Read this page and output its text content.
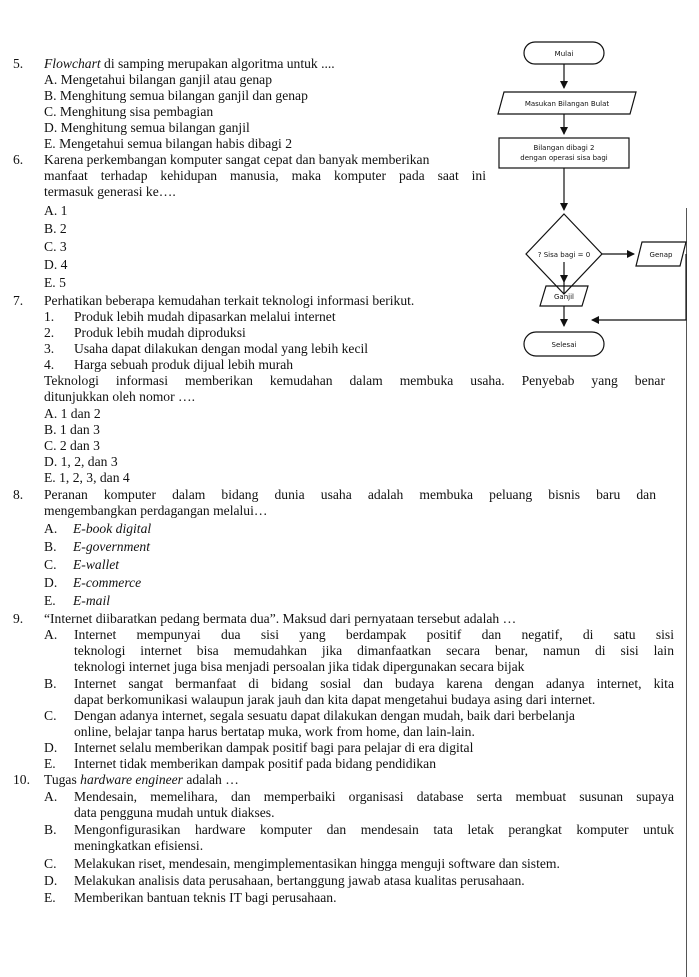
5. Flowchart di samping merupakan algoritma untuk ....
A. Mengetahui bilangan ganjil atau genap
B. Menghitung semua bilangan ganjil dan genap
C. Menghitung sisa pembagian
D. Menghitung semua bilangan ganjil
E. Mengetahui semua bilangan habis dibagi 2
6. Karena perkembangan komputer sangat cepat dan banyak memberikan
manfaat terhadap kehidupan manusia, maka komputer pada saat ini
termasuk generasi ke….
A. 1
B. 2
C. 3
D. 4
E. 5
7. Perhatikan beberapa kemudahan terkait teknologi informasi berikut.
1. Produk lebih mudah dipasarkan melalui internet
2. Produk lebih mudah diproduksi
3. Usaha dapat dilakukan dengan modal yang lebih kecil
4. Harga sebuah produk dijual lebih murah
Teknologi informasi memberikan kemudahan dalam membuka usaha. Penyebab yang benar
ditunjukkan oleh nomor ….
A. 1 dan 2
B. 1 dan 3
C. 2 dan 3
D. 1, 2, dan 3
E. 1, 2, 3, dan 4
8. Peranan komputer dalam bidang dunia usaha adalah membuka peluang bisnis baru dan
mengembangkan perdagangan melalui…
A. E-book digital
B. E-government
C. E-wallet
D. E-commerce
E. E-mail
9. “Internet diibaratkan pedang bermata dua”. Maksud dari pernyataan tersebut adalah …
A. Internet mempunyai dua sisi yang berdampak positif dan negatif, di satu sisi
teknologi internet bisa memudahkan jika dimanfaatkan secara benar, namun di sisi lain
teknologi internet juga bisa menjadi persoalan jika tidak dipergunakan secara bijak
B. Internet sangat bermanfaat di bidang sosial dan budaya karena dengan adanya internet, kita
dapat berkomunikasi walaupun jarak jauh dan kita dapat mengetahui budaya asing dari internet.
C. Dengan adanya internet, segala sesuatu dapat dilakukan dengan mudah, baik dari berbelanja
online, belajar tanpa harus bertatap muka, work from home, dan lain-lain.
D. Internet selalu memberikan dampak positif bagi para pelajar di era digital
E. Internet tidak memberikan dampak positif pada bidang pendidikan
10. Tugas hardware engineer adalah …
A. Mendesain, memelihara, dan memperbaiki organisasi database serta membuat susunan supaya
data pengguna mudah untuk diakses.
B. Mengonfigurasikan hardware komputer dan mendesain tata letak perangkat komputer untuk
meningkatkan efisiensi.
C. Melakukan riset, mendesain, mengimplementasikan hingga menguji software dan sistem.
D. Melakukan analisis data perusahaan, bertanggung jawab atasa kualitas perusahaan.
E. Memberikan bantuan teknis IT bagi perusahaan.
Mulai
Masukan Bilangan Bulat
Bilangan dibagi 2
dengan operasi sisa bagi
? Sisa bagi = 0	Genap
Ganjil
Selesai
